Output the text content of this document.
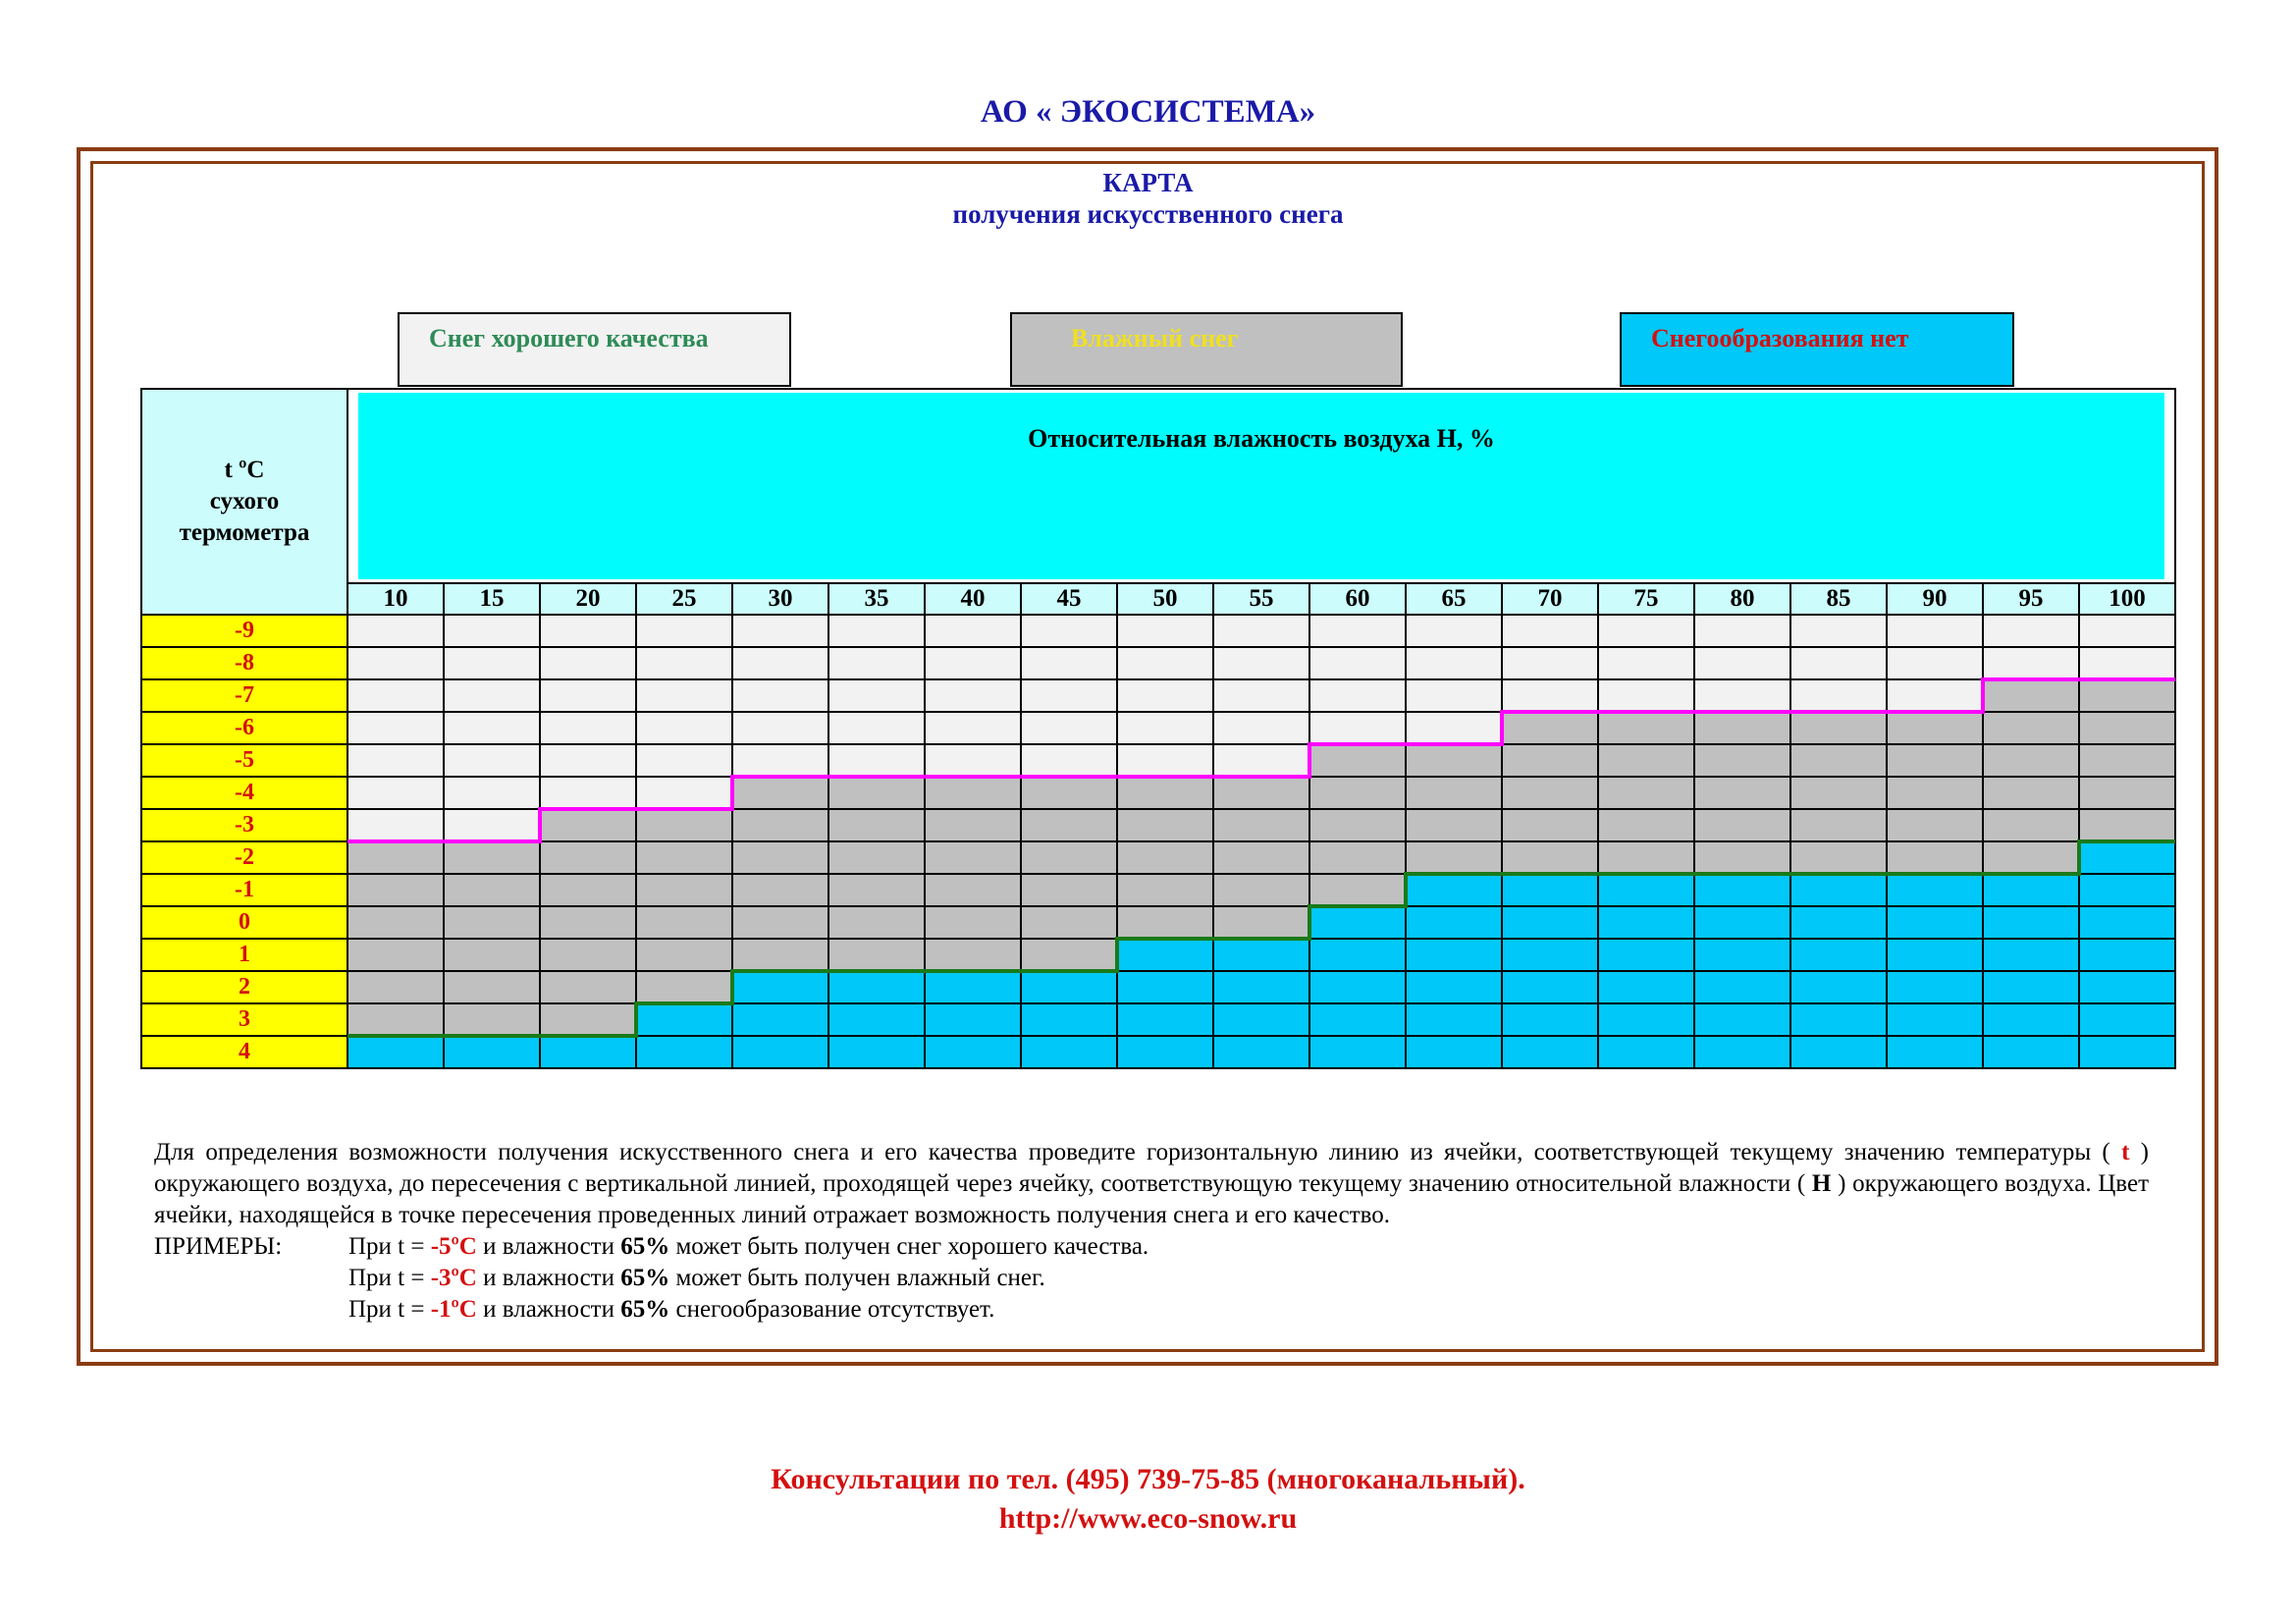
АО « ЭКОСИСТЕМА»
КАРТА
получения искусственного снега
Снег хорошего качества	Влажный снег	Снегообразования нет
t ºC
сухого
термометра	Относительная влажность воздуха Н, %																		

	10	15	20	25	30	35	40	45	50	55	60	65	70	75	80	85	90	95	100
-9																			
-8																			
-7																			
-6																			
-5																			
-4																			
-3																			
-2																			
-1																			
0																			
1																			
2																			
3																			
4																			
Для определения возможности получения искусственного снега и его качества проведите горизонтальную линию из ячейки, соответствующей текущему значению температуры ( t ) окружающего воздуха, до пересечения с вертикальной линией, проходящей через ячейку, соответствующую текущему значению относительной влажности ( Н ) окружающего воздуха. Цвет ячейки, находящейся в точке пересечения проведенных линий отражает возможность получения снега и его качество.
ПРИМЕРЫ:	При t = -5ºC и влажности 65% может быть получен снег хорошего качества.
При t = -3ºC и влажности 65% может быть получен влажный снег.
При t = -1ºC и влажности 65% снегообразование отсутствует.
Консультации по тел. (495) 739-75-85 (многоканальный).
http://www.eco-snow.ru
